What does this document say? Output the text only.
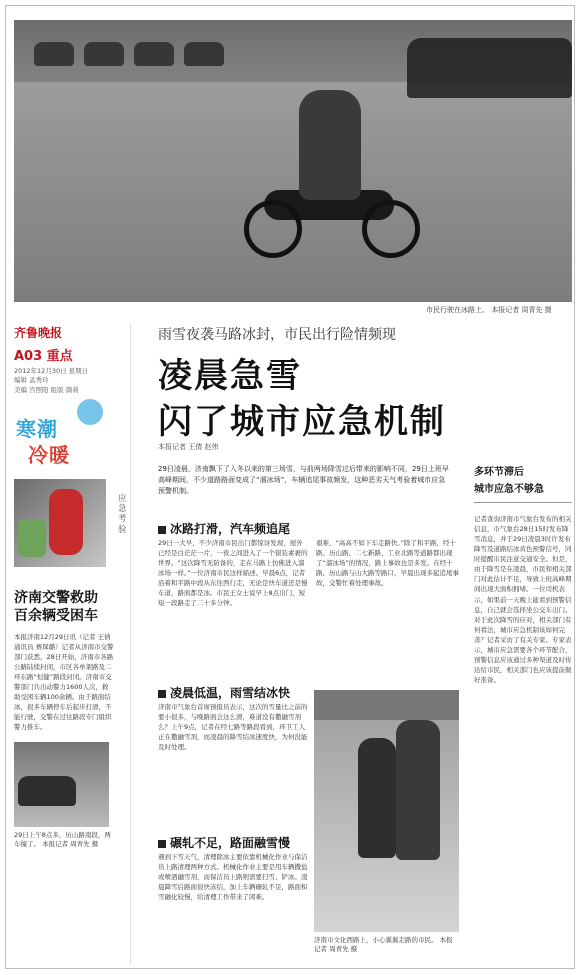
市民行驶在冰路上。 本报记者 周青先 摄
齐鲁晚报
A03 重点
2012年12月30日 星期日
编辑 孟秀玲
美编 宫照阳 组版 颜莉
寒潮
冷暖
济南交警救助
百余辆受困车
本报济南12月29日讯（记者 王倩 通讯员 赛琛璐）记者从济南市交警部门获悉，28日开始，济南市各路公路陆续封闭，市区各单架路及二环东路“恒健”路段封闭。济南市交警部门共出动警力1600人次，救助受困车辆100余辆。由于路面结冰，很多车辆停车后起步打滑，不能行驶，交警在过往路段专门组织警力推车。
29日上午8点多，历山路南段，两车撞了。 本报记者 周青先 摄
应急考验
雨雪夜袭马路冰封，市民出行险情频现
凌晨急雪
闪了城市应急机制
本报记者 王倩 赵伟
29日凌晨，济南飘下了入冬以来的第三场雪，与前两场降雪过后带来的影响不同，29日上班早高峰期间，不少道路路面变成了“溜冰场”，车辆追尾事故频发，这种恶劣天气考验着城市应急预警机制。
多环节滞后
城市应急不够急
记者查询济南市气象台发布的相关信息，市气象台28日15时发布降雪消息，并于29日凌晨3时许发布降雪及道路结冰黄色预警信号，同时提醒市民注意交通安全。但是，由于降雪是在凌晨，市民和相关部门对此估计不足，导致上班高峰期间出现大面积拥堵。一位司机表示，如果前一天晚上能看到预警信息，自己就会选择坐公交车出门。对于此次降雪的应对，相关部门有何看法，城市应急机制该如何完善？记者采访了有关专家。专家表示，城市应急需要各个环节配合，预警信息应该通过多种渠道及时传达给市民，相关部门也应该提前做好准备。
冰路打滑，汽车频追尾
29日一大早，不少济南市民出门都惊讶发现，屋外已经是白茫茫一片，一夜之间进入了一个银装素裹的世界。“这次降雪无防备的，走在马路上仿佛进入溜冰场一样。”一位济南市民这样描述。早晨6点，记者沿着和平路中段从东往西行走，无论是快车道还是慢车道，路面都是冰。市民王女士说早上8点出门，短短一段路走了二十多分钟。
艰难，“高高不如下车走路快。”除了和平路，经十路、历山路、二七新路、工业北路等道路都出现了“溜冰场”的情况，路上事故也是多发。在经十路、历山路与山大路等路口，早晨出现多起追尾事故，交警忙着处理事故。
凌晨低温，雨雪结冰快
济南市气象台首席预报员表示，这次的雪量比之前的要小很多，与晚路面会这么滑，难道没有撒融雪剂么？上午9点，记者在经七路等路段看到，环卫工人正在撒融雪剂，而凌晨的降雪结冰速度快，为何没能及时处理。
济南市文化西路上，小心翼翼走路的市民。 本报记者 周青先 摄
碾轧不足，路面融雪慢
遇到下雪天气，清理除冰主要依靠机械化作业与保洁员上路清理两种方式。机械化作业主要是用车辆撒盐或喷洒融雪剂，而保洁员上路则需要扫雪、铲冰。凌晨降雪后路面很快冻结，加上车辆碾轧不足，路面积雪融化较慢，给清理工作带来了困难。
